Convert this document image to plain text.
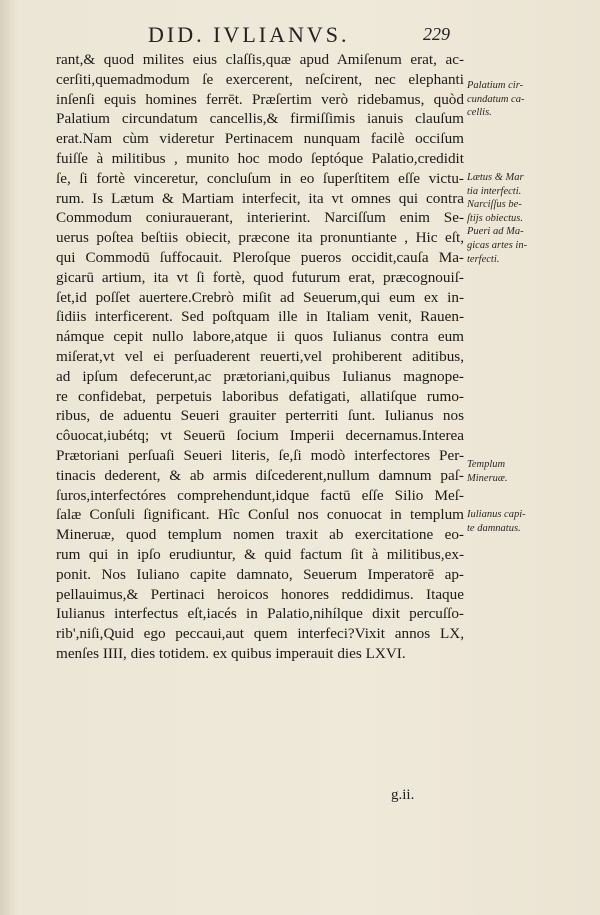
DID. IVLIANVS.	229
rant,& quod milites eius claſſis,quæ apud Amiſenum erat, ac-
cerſiti,quemadmodum ſe exercerent, neſcirent, nec elephanti
inſenſi equis homines ferrēt. Præſertim verò ridebamus, quòd
Palatium circundatum cancellis,& firmiſſimis ianuis clauſum
erat.Nam cùm videretur Pertinacem nunquam facilè occiſum
fuiſſe à militibus , munito hoc modo ſeptóque Palatio,credidit
ſe, ſi fortè vinceretur, concluſum in eo ſuperſtitem eſſe victu-
rum. Is Lætum & Martiam interfecit, ita vt omnes qui contra
Commodum coniurauerant, interierint. Narciſſum enim Se-
uerus poſtea beſtiis obiecit, præcone ita pronuntiante , Hic eſt,
qui Commodū ſuffocauit. Pleroſque pueros occidit,cauſa Ma-
gicarū artium, ita vt ſi fortè, quod futurum erat, præcognouiſ-
ſet,id poſſet auertere.Crebrò miſit ad Seuerum,qui eum ex in-
ſidiis interficerent. Sed poſtquam ille in Italiam venit, Rauen-
námque cepit nullo labore,atque ii quos Iulianus contra eum
miſerat,vt vel ei perſuaderent reuerti,vel prohiberent aditibus,
ad ipſum defecerunt,ac prætoriani,quibus Iulianus magnope-
re confidebat, perpetuis laboribus defatigati, allatiſque rumo-
ribus, de aduentu Seueri grauiter perterriti ſunt. Iulianus nos
côuocat,iubétq; vt Seuerū ſocium Imperii decernamus.Interea
Prætoriani perſuaſi Seueri literis, ſe,ſi modò interfectores Per-
tinacis dederent, & ab armis diſcederent,nullum damnum paſ-
ſuros,interfectóres comprehendunt,idque factū eſſe Silio Meſ-
ſalæ Conſuli ſignificant. Hîc Conſul nos conuocat in templum
Mineruæ, quod templum nomen traxit ab exercitatione eo-
rum qui in ipſo erudiuntur, & quid factum ſit à militibus,ex-
ponit. Nos Iuliano capite damnato, Seuerum Imperatorē ap-
pellauimus,& Pertinaci heroicos honores reddidimus. Itaque
Iulianus interfectus eſt,iacés in Palatio,nihílque dixit percuſſo-
rib',niſi,Quid ego peccaui,aut quem interfeci?Vixit annos LX,
menſes IIII, dies totidem. ex quibus imperauit dies LXVI.
Palatium cir-
cundatum ca-
cellis.
Lætus & Mar
tia interfecti.
Narciſſus be-
ſtijs obiectus.
Pueri ad Ma-
gicas artes in-
terfecti.
Templum
Mineruæ.
Iulianus capi-
te damnatus.
g.ii.
